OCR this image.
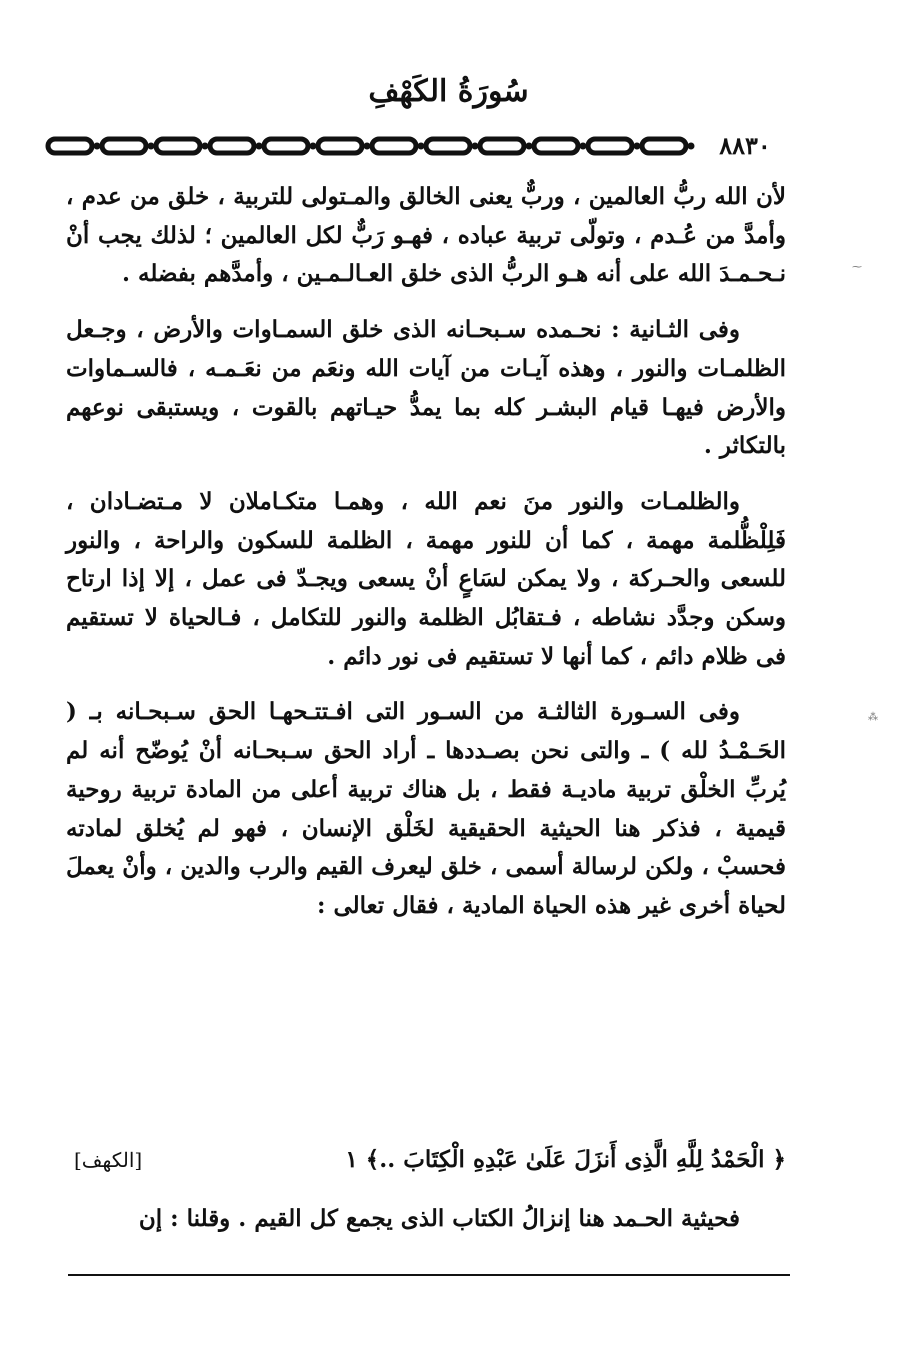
سُورَةُ الكَهْفِ
٨٨٣٠

لأن الله ربُّ العالمين ، وربٌّ يعنى الخالق والمـتولى للتربية ، خلق من عدم ، وأمدَّ من عُـدم ، وتولّى تربية عباده ، فهـو رَبٌّ لكل العالمين ؛ لذلك يجب أنْ نـحـمـدَ الله على أنه هـو الربُّ الذى خلق العـالـمـين ، وأمدَّهم بفضله .

وفى الثـانية : نحـمده سـبحـانه الذى خلق السمـاوات والأرض ، وجـعل الظلمـات والنور ، وهذه آيـات من آيات الله ونعَم من نعَـمـه ، فالسـماوات والأرض فيهـا قيام البشـر كله بما يمدُّ حيـاتهم بالقوت ، ويستبقى نوعهم بالتكاثر .

والظلمـات والنور منَ نعم الله ، وهمـا متكـاملان لا مـتضـادان ، فَلِلْظُّلمة مهمة ، كما أن للنور مهمة ، الظلمة للسكون والراحة ، والنور للسعى والحـركة ، ولا يمكن لسَاعٍ أنْ يسعى ويجـدّ فى عمل ، إلا إذا ارتاح وسكن وجدَّد نشاطه ، فـتقابُل الظلمة والنور للتكامل ، فـالحياة لا تستقيم فى ظلام دائم ، كما أنها لا تستقيم فى نور دائم .

وفى السـورة الثالثـة من السـور التى افـتتـحهـا الحق سـبحـانه بـ ( الحَـمْـدُ لله ) ـ والتى نحن بصـددها ـ أراد الحق سـبحـانه أنْ يُوضّح أنه لم يُربِّ الخلْق تربية ماديـة فقط ، بل هناك تربية أعلى من المادة تربية روحية قيمية ، فذكر هنا الحيثية الحقيقية لخَلْق الإنسان ، فهو لم يُخلق لمادته فحسبْ ، ولكن لرسالة أسمى ، خلق ليعرف القيم والرب والدين ، وأنْ يعملَ لحياة أخرى غير هذه الحياة المادية ، فقال تعالى :

﴿ الْحَمْدُ لِلَّهِ الَّذِى أَنزَلَ عَلَىٰ عَبْدِهِ الْكِتَابَ ..﴾ ١
[الكهف]
فحيثية الحـمد هنا إنزالُ الكتاب الذى يجمع كل القيم . وقلنا : إن
⁓
⁂
